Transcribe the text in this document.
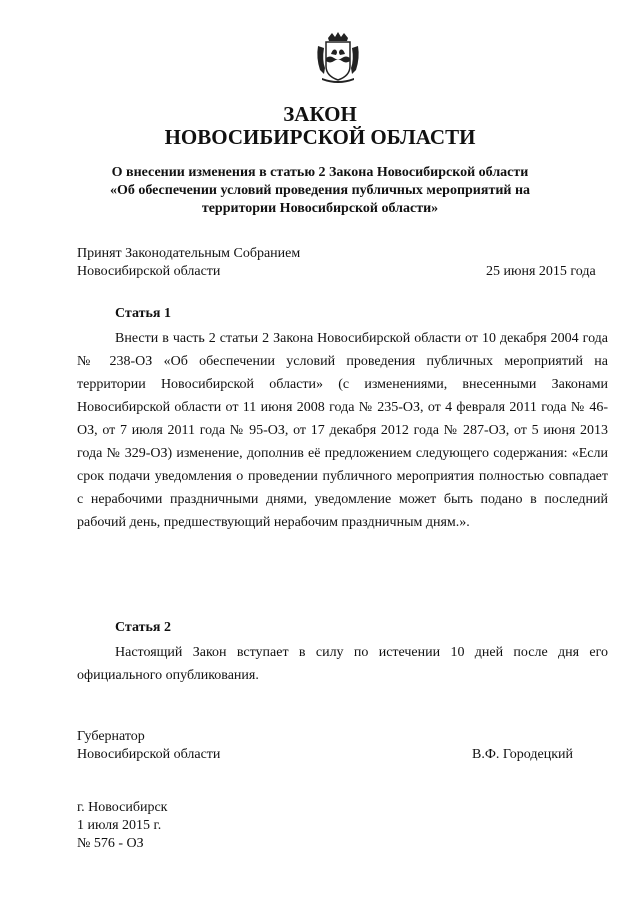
ЗАКОН
НОВОСИБИРСКОЙ ОБЛАСТИ
О внесении изменения в статью 2 Закона Новосибирской области
«Об обеспечении условий проведения публичных мероприятий на
территории Новосибирской области»
Принят Законодательным Собранием
Новосибирской области	25 июня 2015 года
Статья 1

Внести в часть 2 статьи 2 Закона Новосибирской области от 10 декабря 2004 года № 238-ОЗ «Об обеспечении условий проведения публичных мероприятий на территории Новосибирской области» (с изменениями, внесенными Законами Новосибирской области от 11 июня 2008 года № 235-ОЗ, от 4 февраля 2011 года № 46-ОЗ, от 7 июля 2011 года № 95-ОЗ, от 17 декабря 2012 года № 287-ОЗ, от 5 июня 2013 года № 329-ОЗ) изменение, дополнив её предложением следующего содержания: «Если срок подачи уведомления о проведении публичного мероприятия полностью совпадает с нерабочими праздничными днями, уведомление может быть подано в последний рабочий день, предшествующий нерабочим праздничным дням.».

Статья 2

Настоящий Закон вступает в силу по истечении 10 дней после дня его официального опубликования.

Губернатор
Новосибирской области	В.Ф. Городецкий
г. Новосибирск
1 июля 2015 г.
№ 576 - ОЗ
